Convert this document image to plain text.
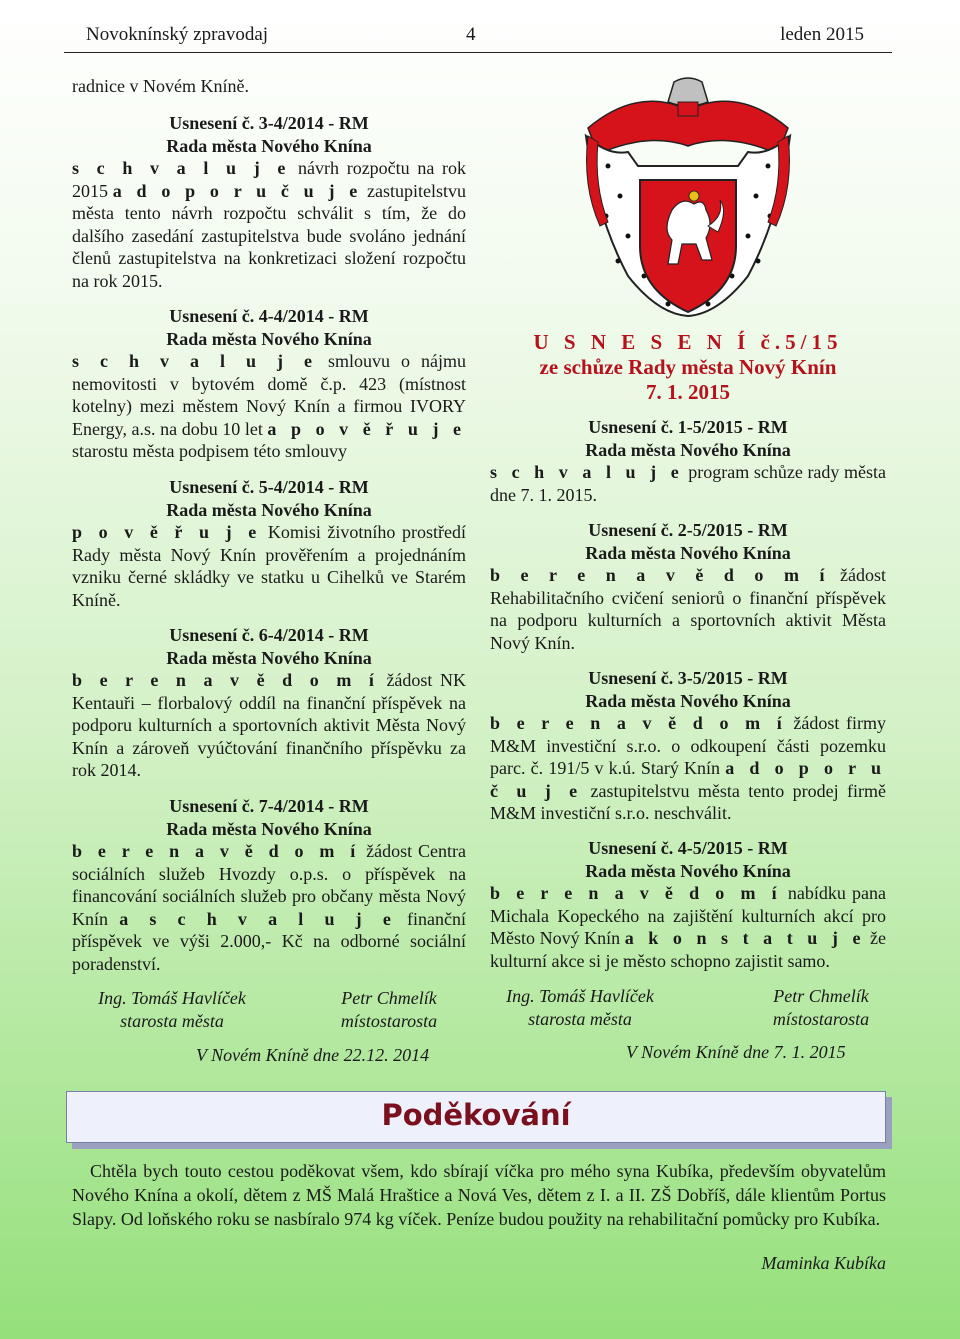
Novoknínský zpravodaj	4	leden 2015
radnice v Novém Kníně.
Usnesení č. 3-4/2014 - RM
Rada města Nového Knína

s c h v a l u j e návrh rozpočtu na rok 2015 a d o p o r u č u j e zastupitelstvu města tento návrh rozpočtu schválit s tím, že do dalšího zasedání zastupitelstva bude svoláno jednání členů zastupitelstva na konkretizaci složení rozpočtu na rok 2015.

Usnesení č. 4-4/2014 - RM
Rada města Nového Knína

s c h v a l u j e smlouvu o nájmu nemovitosti v bytovém domě č.p. 423 (místnost kotelny) mezi městem Nový Knín a firmou IVORY Energy, a.s. na dobu 10 let a p o v ě ř u j e starostu města podpisem této smlouvy

Usnesení č. 5-4/2014 - RM
Rada města Nového Knína

p o v ě ř u j e Komisi životního prostředí Rady města Nový Knín prověřením a projednáním vzniku černé skládky ve statku u Cihelků ve Starém Kníně.

Usnesení č. 6-4/2014 - RM
Rada města Nového Knína

b e r e n a v ě d o m í žádost NK Kentauři – florbalový oddíl na finanční příspěvek na podporu kulturních a sportovních aktivit Města Nový Knín a zároveň vyúčtování finančního příspěvku za rok 2014.

Usnesení č. 7-4/2014 - RM
Rada města Nového Knína

b e r e n a v ě d o m í žádost Centra sociálních služeb Hvozdy o.p.s. o příspěvek na financování sociálních služeb pro občany města Nový Knín a s c h v a l u j e finanční příspěvek ve výši 2.000,- Kč na odborné sociální poradenství.

Ing. Tomáš Havlíček
starosta města
Petr Chmelík
místostarosta
V Novém Kníně dne 22.12. 2014
U S N E S E N Í č.5/15
ze schůze Rady města Nový Knín
7. 1. 2015
Usnesení č. 1-5/2015 - RM
Rada města Nového Knína

s c h v a l u j e program schůze rady města dne 7. 1. 2015.

Usnesení č. 2-5/2015 - RM
Rada města Nového Knína

b e r e n a v ě d o m í žádost Rehabilitačního cvičení seniorů o finanční příspěvek na podporu kulturních a sportovních aktivit Města Nový Knín.

Usnesení č. 3-5/2015 - RM
Rada města Nového Knína

b e r e n a v ě d o m í žádost firmy M&M investiční s.r.o. o odkoupení části pozemku parc. č. 191/5 v k.ú. Starý Knín a d o p o r u č u j e zastupitelstvu města tento prodej firmě M&M investiční s.r.o. neschválit.

Usnesení č. 4-5/2015 - RM
Rada města Nového Knína

b e r e n a v ě d o m í nabídku pana Michala Kopeckého na zajištění kulturních akcí pro Město Nový Knín a k o n s t a t u j e že kulturní akce si je město schopno zajistit samo.

Ing. Tomáš Havlíček
starosta města
Petr Chmelík
místostarosta
V Novém Kníně dne 7. 1. 2015
Poděkování

Chtěla bych touto cestou poděkovat všem, kdo sbírají víčka pro mého syna Kubíka, především obyvatelům Nového Knína a okolí, dětem z MŠ Malá Hraštice a Nová Ves, dětem z I. a II. ZŠ Dobříš, dále klientům Portus Slapy. Od loňského roku se nasbíralo 974 kg víček. Peníze budou použity na rehabilitační pomůcky pro Kubíka.

Maminka Kubíka
